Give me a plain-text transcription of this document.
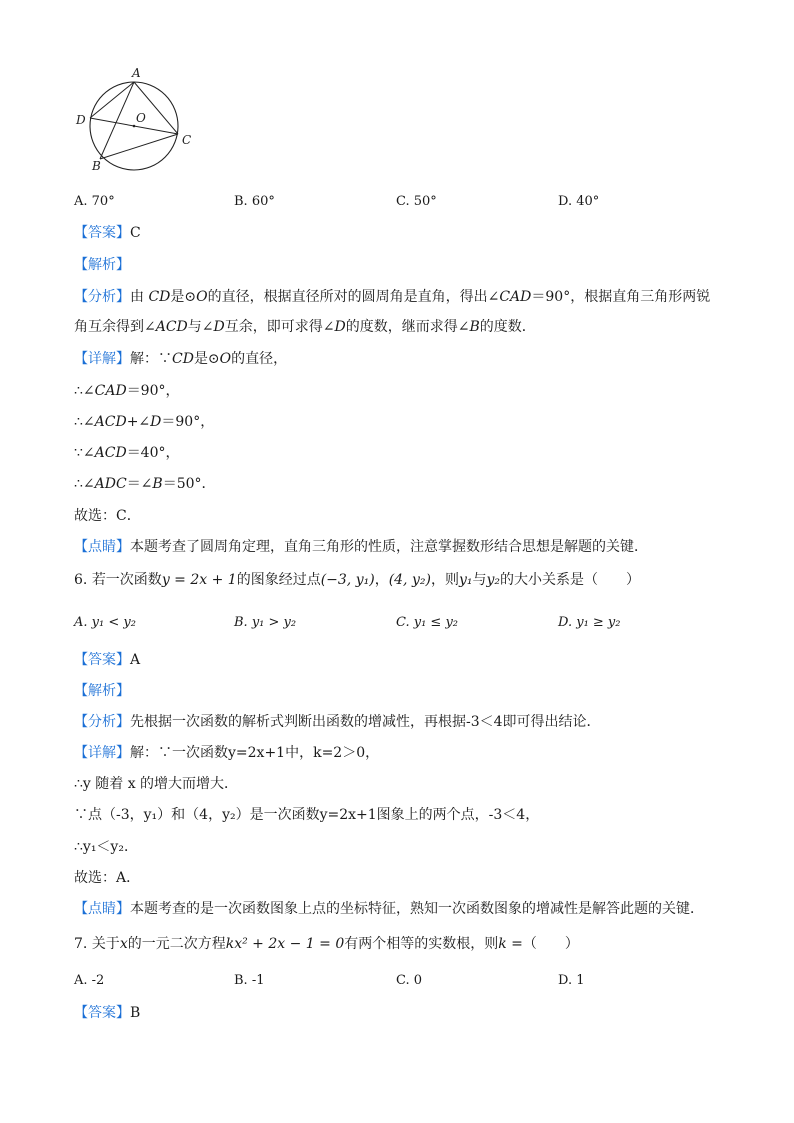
A
B
C
D	O
A. 70°	B. 60°	C. 50°	D. 40°
【答案】C
【解析】
【分析】由 CD是⊙O的直径，根据直径所对的圆周角是直角，得出∠CAD＝90°，根据直角三角形两锐
角互余得到∠ACD与∠D互余，即可求得∠D的度数，继而求得∠B的度数．
【详解】解：∵CD是⊙O的直径，
∴∠CAD＝90°，
∴∠ACD+∠D＝90°，
∵∠ACD＝40°，
∴∠ADC＝∠B＝50°．
故选：C．
【点睛】本题考查了圆周角定理，直角三角形的性质，注意掌握数形结合思想是解题的关键．
6. 若一次函数y = 2x + 1的图象经过点(−3, y₁)，(4, y₂)，则y₁与y₂的大小关系是（　　）
A. y₁ < y₂	B. y₁ > y₂	C. y₁ ≤ y₂	D. y₁ ≥ y₂
【答案】A
【解析】
【分析】先根据一次函数的解析式判断出函数的增减性，再根据-3＜4即可得出结论．
【详解】解：∵一次函数y=2x+1中，k=2＞0，
∴y 随着 x 的增大而增大．
∵点（-3，y₁）和（4，y₂）是一次函数y=2x+1图象上的两个点，-3＜4，
∴y₁＜y₂．
故选：A．
【点睛】本题考查的是一次函数图象上点的坐标特征，熟知一次函数图象的增减性是解答此题的关键．
7. 关于x的一元二次方程kx² + 2x − 1 = 0有两个相等的实数根，则k =（　　）
A. -2	B. -1	C. 0	D. 1
【答案】B
